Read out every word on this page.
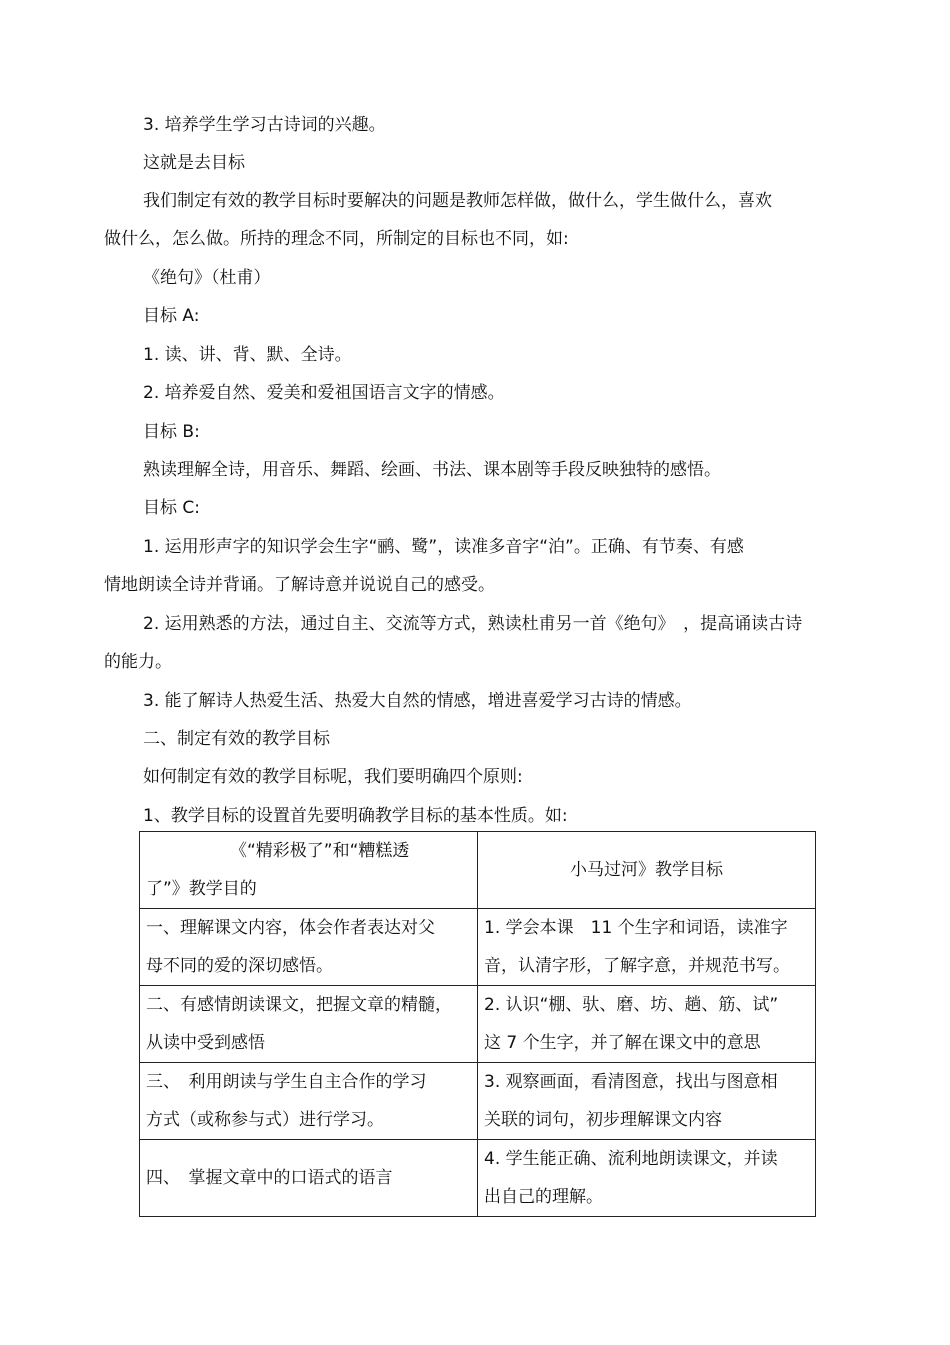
3. 培养学生学习古诗词的兴趣。
这就是去目标
我们制定有效的教学目标时要解决的问题是教师怎样做，做什么，学生做什么，喜欢
做什么，怎么做。所持的理念不同，所制定的目标也不同，如:
《绝句》（杜甫）
目标 A:
1. 读、讲、背、默、全诗。
2. 培养爱自然、爱美和爱祖国语言文字的情感。
目标 B:
熟读理解全诗，用音乐、舞蹈、绘画、书法、课本剧等手段反映独特的感悟。
目标 C:
1. 运用形声字的知识学会生字“鹂、鹭”，读准多音字“泊”。正确、有节奏、有感
情地朗读全诗并背诵。了解诗意并说说自己的感受。
2. 运用熟悉的方法，通过自主、交流等方式，熟读杜甫另一首《绝句》　，提高诵读古诗
的能力。
3. 能了解诗人热爱生活、热爱大自然的情感，增进喜爱学习古诗的情感。
二、制定有效的教学目标
如何制定有效的教学目标呢，我们要明确四个原则:
1、教学目标的设置首先要明确教学目标的基本性质。如:
《“精彩极了”和“糟糕透
了”》教学目的	小马过河》教学目标
一、理解课文内容，体会作者表达对父
母不同的爱的深切感悟。	1. 学会本课　11 个生字和词语，读准字
音，认清字形，了解字意，并规范书写。
二、有感情朗读课文，把握文章的精髓，
从读中受到感悟	2. 认识“棚、驮、磨、坊、趟、筋、试”
这 7 个生字，并了解在课文中的意思
三、　利用朗读与学生自主合作的学习
方式（或称参与式）进行学习。	3. 观察画面，看清图意，找出与图意相
关联的词句，初步理解课文内容
四、　掌握文章中的口语式的语言	4. 学生能正确、流利地朗读课文，并读
出自己的理解。
